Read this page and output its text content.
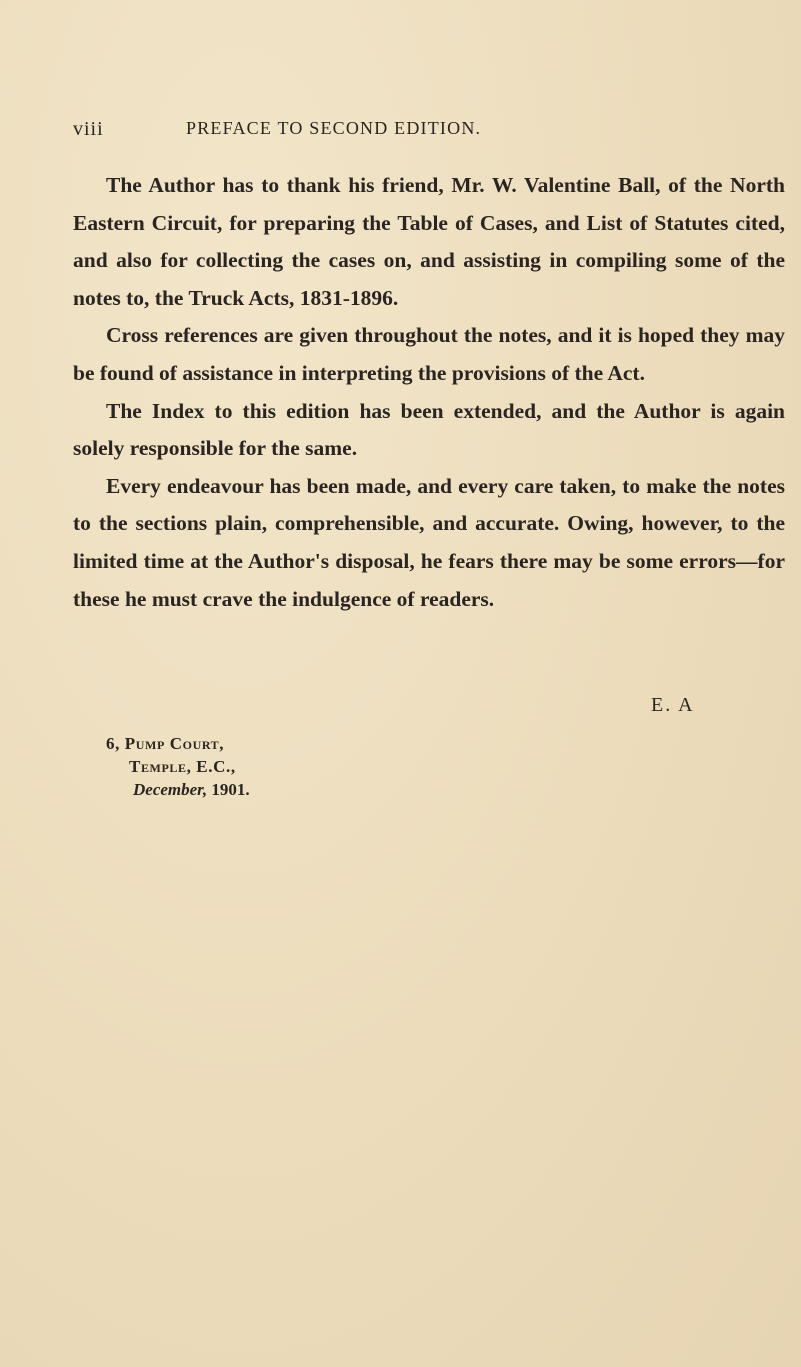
viii	PREFACE TO SECOND EDITION.

The Author has to thank his friend, Mr. W. Valentine Ball, of the North Eastern Circuit, for preparing the Table of Cases, and List of Statutes cited, and also for collecting the cases on, and assisting in compiling some of the notes to, the Truck Acts, 1831-1896.

Cross references are given throughout the notes, and it is hoped they may be found of assistance in interpreting the provisions of the Act.

The Index to this edition has been extended, and the Author is again solely responsible for the same.

Every endeavour has been made, and every care taken, to make the notes to the sections plain, comprehensible, and accurate. Owing, however, to the limited time at the Author's disposal, he fears there may be some errors—for these he must crave the indulgence of readers.

E. A
6, Pump Court,
Temple, E.C.,
December, 1901.
